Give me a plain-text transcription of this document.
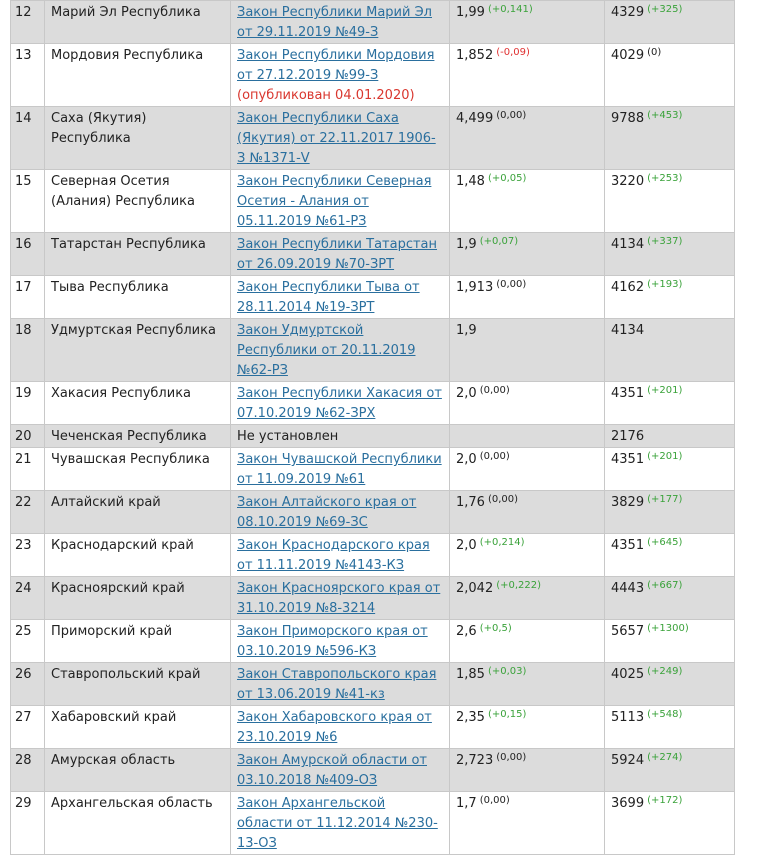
12	Марий Эл Республика	Закон Республики Марий Эл от 29.11.2019 №49-З	1,99 $^{(+0,141)}$	4329 $^{(+325)}$
13	Мордовия Республика	Закон Республики Мордовия от 27.12.2019 №99-З (опубликован 04.01.2020)	1,852 $^{(-0,09)}$	4029 $^{(0)}$
14	Саха (Якутия) Республика	Закон Республики Саха (Якутия) от 22.11.2017 1906-З №1371-V	4,499 $^{(0,00)}$	9788 $^{(+453)}$
15	Северная Осетия (Алания) Республика	Закон Республики Северная Осетия - Алания от 05.11.2019 №61-РЗ	1,48 $^{(+0,05)}$	3220 $^{(+253)}$
16	Татарстан Республика	Закон Республики Татарстан от 26.09.2019 №70-ЗРТ	1,9 $^{(+0,07)}$	4134 $^{(+337)}$
17	Тыва Республика	Закон Республики Тыва от 28.11.2014 №19-ЗРТ	1,913 $^{(0,00)}$	4162 $^{(+193)}$
18	Удмуртская Республика	Закон Удмуртской Республики от 20.11.2019 №62-РЗ	1,9	4134
19	Хакасия Республика	Закон Республики Хакасия от 07.10.2019 №62-ЗРХ	2,0 $^{(0,00)}$	4351 $^{(+201)}$
20	Чеченская Республика	Не установлен		2176
21	Чувашская Республика	Закон Чувашской Республики от 11.09.2019 №61	2,0 $^{(0,00)}$	4351 $^{(+201)}$
22	Алтайский край	Закон Алтайского края от 08.10.2019 №69-ЗС	1,76 $^{(0,00)}$	3829 $^{(+177)}$
23	Краснодарский край	Закон Краснодарского края от 11.11.2019 №4143-КЗ	2,0 $^{(+0,214)}$	4351 $^{(+645)}$
24	Красноярский край	Закон Красноярского края от 31.10.2019 №8-3214	2,042 $^{(+0,222)}$	4443 $^{(+667)}$
25	Приморский край	Закон Приморского края от 03.10.2019 №596-КЗ	2,6 $^{(+0,5)}$	5657 $^{(+1300)}$
26	Ставропольский край	Закон Ставропольского края от 13.06.2019 №41-кз	1,85 $^{(+0,03)}$	4025 $^{(+249)}$
27	Хабаровский край	Закон Хабаровского края от 23.10.2019 №6	2,35 $^{(+0,15)}$	5113 $^{(+548)}$
28	Амурская область	Закон Амурской области от 03.10.2018 №409-ОЗ	2,723 $^{(0,00)}$	5924 $^{(+274)}$
29	Архангельская область	Закон Архангельской области от 11.12.2014 №230-13-ОЗ	1,7 $^{(0,00)}$	3699 $^{(+172)}$
